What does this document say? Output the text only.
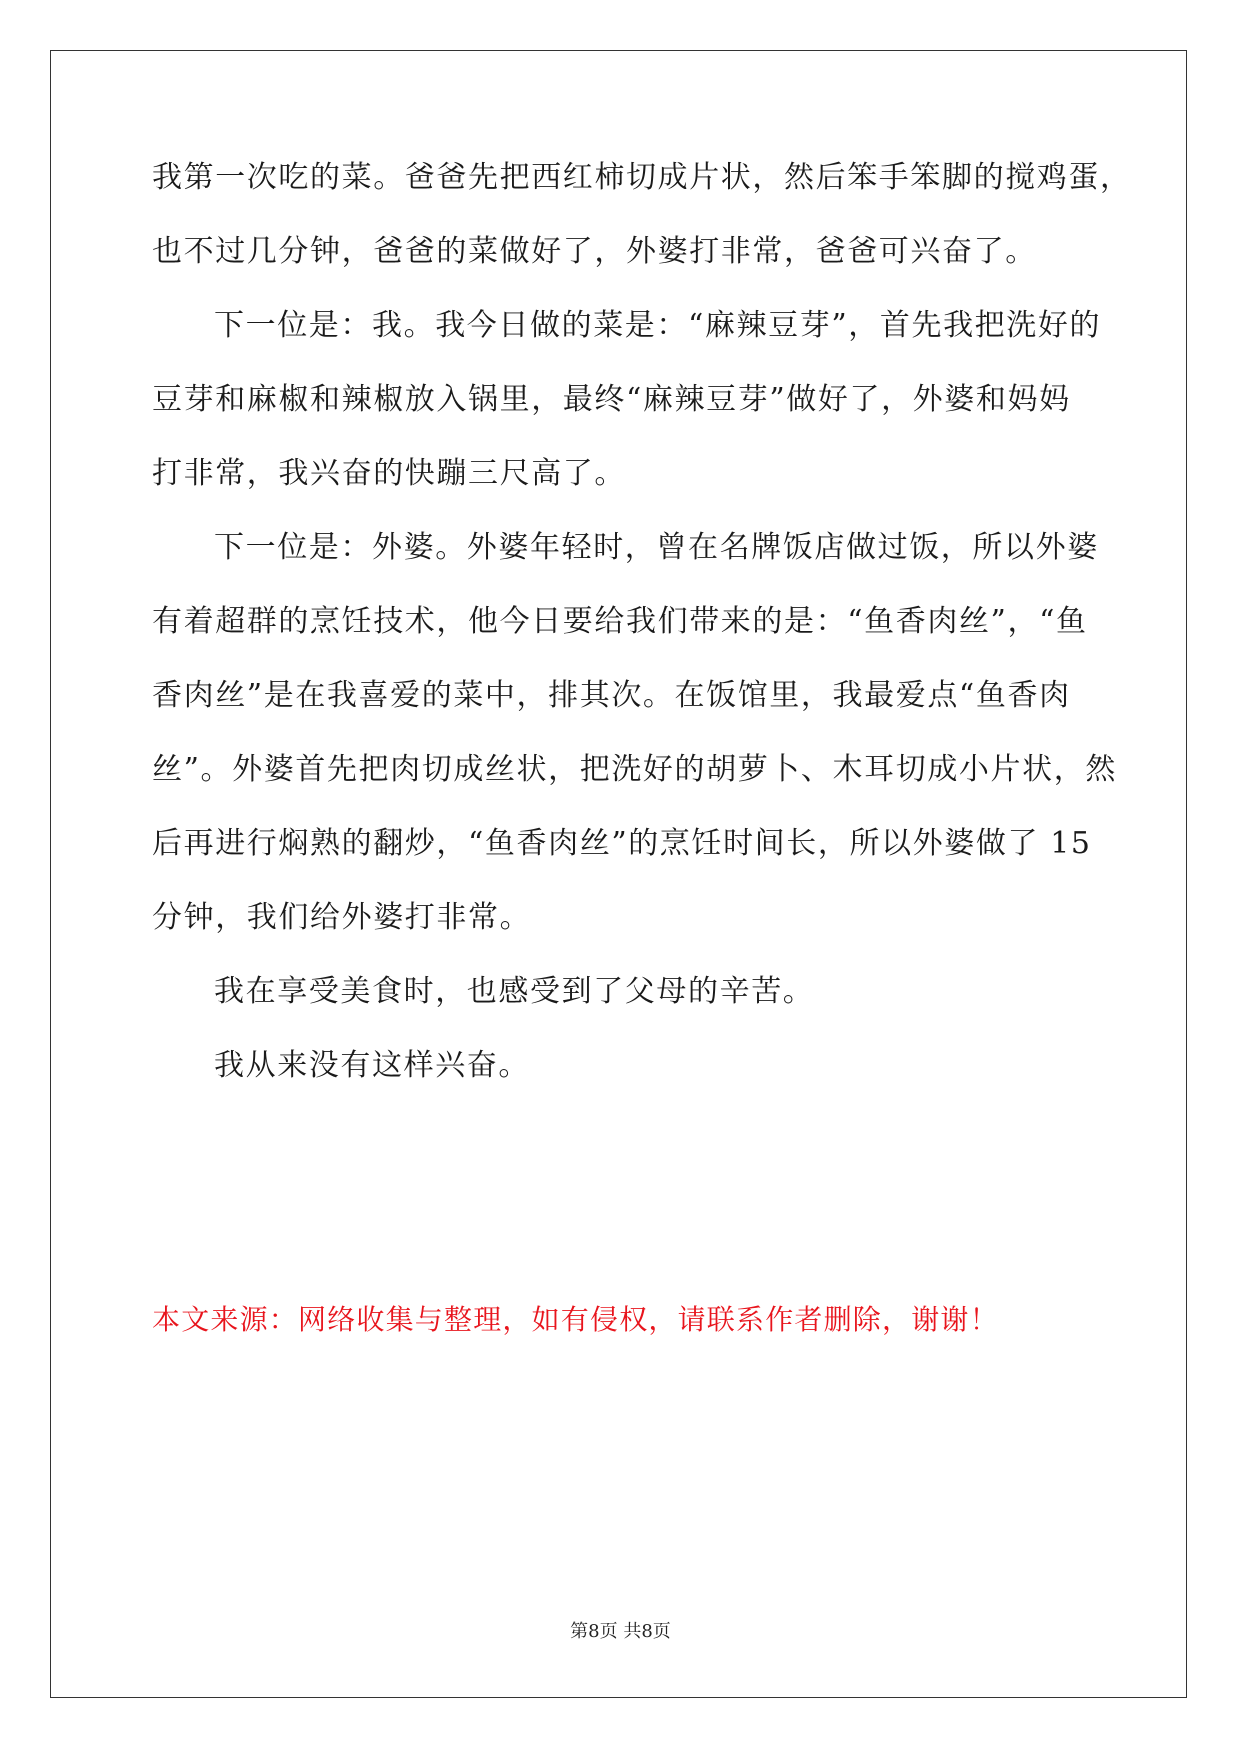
我第一次吃的菜。爸爸先把西红柿切成片状，然后笨手笨脚的搅鸡蛋，
也不过几分钟，爸爸的菜做好了，外婆打非常，爸爸可兴奋了。
下一位是：我。我今日做的菜是：“麻辣豆芽”，首先我把洗好的
豆芽和麻椒和辣椒放入锅里，最终“麻辣豆芽”做好了，外婆和妈妈
打非常，我兴奋的快蹦三尺高了。
下一位是：外婆。外婆年轻时，曾在名牌饭店做过饭，所以外婆
有着超群的烹饪技术，他今日要给我们带来的是：“鱼香肉丝”，“鱼
香肉丝”是在我喜爱的菜中，排其次。在饭馆里，我最爱点“鱼香肉
丝”。外婆首先把肉切成丝状，把洗好的胡萝卜、木耳切成小片状，然
后再进行焖熟的翻炒，“鱼香肉丝”的烹饪时间长，所以外婆做了 15
分钟，我们给外婆打非常。
我在享受美食时，也感受到了父母的辛苦。
我从来没有这样兴奋。
本文来源：网络收集与整理，如有侵权，请联系作者删除，谢谢！
第8页 共8页
